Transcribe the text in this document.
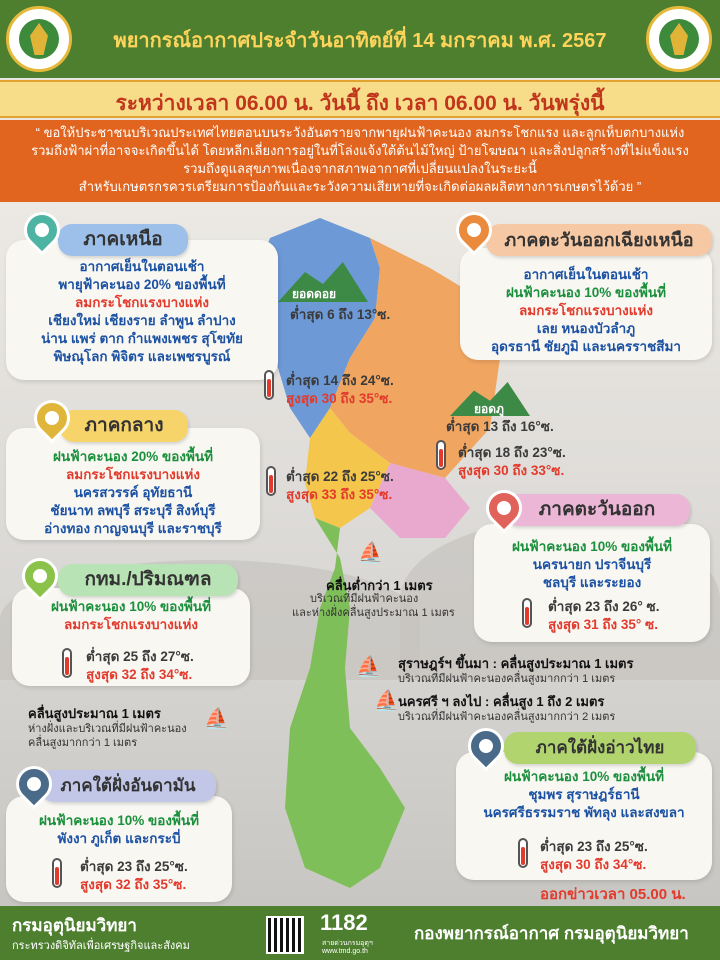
พยากรณ์อากาศประจำวันอาทิตย์ที่ 14 มกราคม พ.ศ. 2567
ระหว่างเวลา 06.00 น. วันนี้ ถึง เวลา 06.00 น. วันพรุ่งนี้
“ ขอให้ประชาชนบริเวณประเทศไทยตอนบนระวังอันตรายจากพายุฝนฟ้าคะนอง ลมกระโชกแรง และลูกเห็บตกบางแห่ง
รวมถึงฟ้าผ่าที่อาจจะเกิดขึ้นได้ โดยหลีกเลี่ยงการอยู่ในที่โล่งแจ้งใต้ต้นไม้ใหญ่ ป้ายโฆษณา และสิ่งปลูกสร้างที่ไม่แข็งแรง
รวมถึงดูแลสุขภาพเนื่องจากสภาพอากาศที่เปลี่ยนแปลงในระยะนี้
สำหรับเกษตรกรควรเตรียมการป้องกันและระวังความเสียหายที่จะเกิดต่อผลผลิตทางการเกษตรไว้ด้วย ”
ยอดดอย
ต่ำสุด 6 ถึง 13°ซ.
ยอดภู
ต่ำสุด 13 ถึง 16°ซ.
อากาศเย็นในตอนเช้า
พายุฟ้าคะนอง 20% ของพื้นที่
ลมกระโชกแรงบางแห่ง
เชียงใหม่ เชียงราย ลำพูน ลำปาง
น่าน แพร่ ตาก กำแพงเพชร สุโขทัย
พิษณุโลก พิจิตร และเพชรบูรณ์
ภาคเหนือ
ต่ำสุด 14 ถึง 24°ซ.
สูงสุด 30 ถึง 35°ซ.
อากาศเย็นในตอนเช้า
ฝนฟ้าคะนอง 10% ของพื้นที่
ลมกระโชกแรงบางแห่ง
เลย หนองบัวลำภู
อุดรธานี ชัยภูมิ และนครราชสีมา
ภาคตะวันออกเฉียงเหนือ
ต่ำสุด 18 ถึง 23°ซ.
สูงสุด 30 ถึง 33°ซ.
ฝนฟ้าคะนอง 20% ของพื้นที่
ลมกระโชกแรงบางแห่ง
นครสวรรค์ อุทัยธานี
ชัยนาท ลพบุรี สระบุรี สิงห์บุรี
อ่างทอง กาญจนบุรี และราชบุรี
ภาคกลาง
ต่ำสุด 22 ถึง 25°ซ.
สูงสุด 33 ถึง 35°ซ.
ฝนฟ้าคะนอง 10% ของพื้นที่
นครนายก ปราจีนบุรี
ชลบุรี และระยอง
ภาคตะวันออก
ต่ำสุด 23 ถึง 26° ซ.
สูงสุด 31 ถึง 35° ซ.
ฝนฟ้าคะนอง 10% ของพื้นที่
ลมกระโชกแรงบางแห่ง
กทม./ปริมณฑล
ต่ำสุด 25 ถึง 27°ซ.
สูงสุด 32 ถึง 34°ซ.
⛵
คลื่นต่ำกว่า 1 เมตร
บริเวณที่มีฝนฟ้าคะนอง
และห่างฝั่งคลื่นสูงประมาณ 1 เมตร
⛵ สุราษฎร์ฯ ขึ้นมา : คลื่นสูงประมาณ 1 เมตร
บริเวณที่มีฝนฟ้าคะนองคลื่นสูงมากกว่า 1 เมตร
⛵ นครศรี ฯ ลงไป : คลื่นสูง 1 ถึง 2 เมตร
บริเวณที่มีฝนฟ้าคะนองคลื่นสูงมากกว่า 2 เมตร
คลื่นสูงประมาณ 1 เมตร
ห่างฝั่งและบริเวณที่มีฝนฟ้าคะนอง
คลื่นสูงมากกว่า 1 เมตร
⛵
ฝนฟ้าคะนอง 10% ของพื้นที่
พังงา ภูเก็ต และกระบี่
ภาคใต้ฝั่งอันดามัน
ต่ำสุด 23 ถึง 25°ซ.
สูงสุด 32 ถึง 35°ซ.
ฝนฟ้าคะนอง 10% ของพื้นที่
ชุมพร สุราษฎร์ธานี
นครศรีธรรมราช พัทลุง และสงขลา
ภาคใต้ฝั่งอ่าวไทย
ต่ำสุด 23 ถึง 25°ซ.
สูงสุด 30 ถึง 34°ซ.
ออกข่าวเวลา 05.00 น.
กรมอุตุนิยมวิทยา
กระทรวงดิจิทัลเพื่อเศรษฐกิจและสังคม
1182
สายด่วนกรมอุตุฯ
www.tmd.go.th
กองพยากรณ์อากาศ กรมอุตุนิยมวิทยา
